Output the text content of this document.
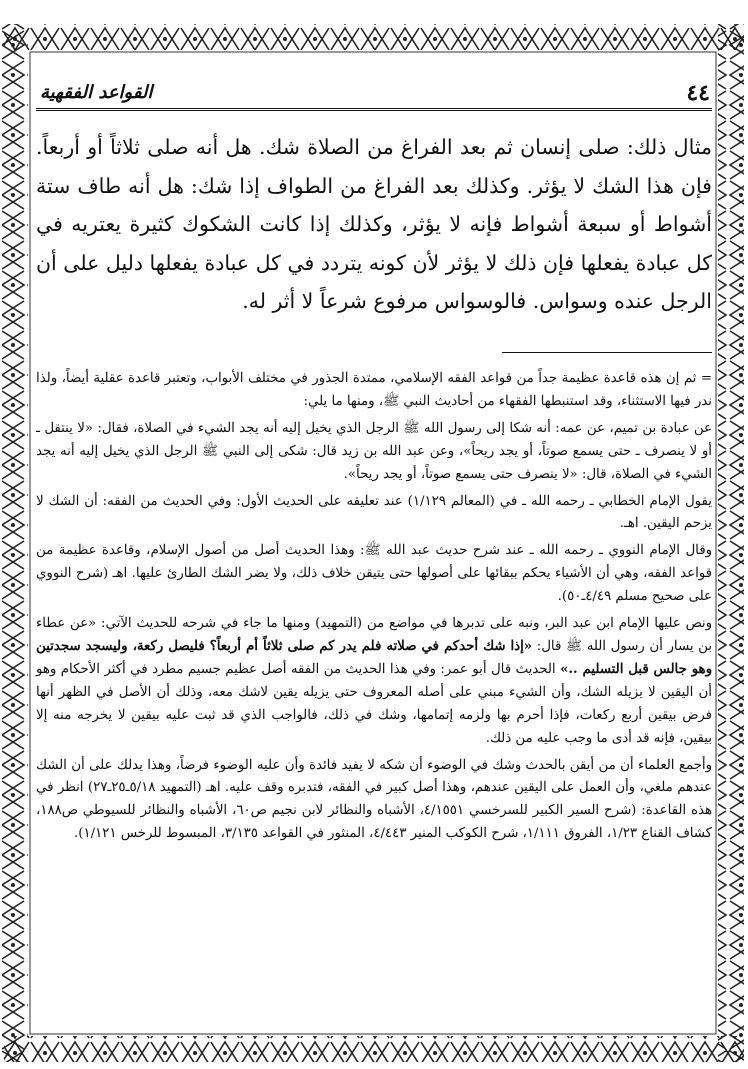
٤٤
القواعد الفقهية

مثال ذلك: صلى إنسان ثم بعد الفراغ من الصلاة شك. هل أنه صلى ثلاثاً أو أربعاً. فإن هذا الشك لا يؤثر. وكذلك بعد الفراغ من الطواف إذا شك: هل أنه طاف ستة أشواط أو سبعة أشواط فإنه لا يؤثر، وكذلك إذا كانت الشكوك كثيرة يعتريه في كل عبادة يفعلها فإن ذلك لا يؤثر لأن كونه يتردد في كل عبادة يفعلها دليل على أن الرجل عنده وسواس. فالوسواس مرفوع شرعاً لا أثر له.

= ثم إن هذه قاعدة عظيمة جداً من قواعد الفقه الإسلامي، ممتدة الجذور في مختلف الأبواب، وتعتبر قاعدة عقلية أيضاً، ولذا ندر فيها الاستثناء، وقد استنبطها الفقهاء من أحاديث النبي ﷺ، ومنها ما يلي:

عن عبادة بن تميم، عن عمه: أنه شكا إلى رسول الله ﷺ الرجل الذي يخيل إليه أنه يجد الشيء في الصلاة، فقال: «لا ينتقل ـ أو لا ينصرف ـ حتى يسمع صوتاً، أو يجد ريحاً»، وعن عبد الله بن زيد قال: شكى إلى النبي ﷺ الرجل الذي يخيل إليه أنه يجد الشيء في الصلاة، قال: «لا ينصرف حتى يسمع صوتاً، أو يجد ريحاً».

يقول الإمام الخطابي ـ رحمه الله ـ في (المعالم ١/١٢٩) عند تعليقه على الحديث الأول: وفي الحديث من الفقه: أن الشك لا يزحم اليقين. اهـ.

وقال الإمام النووي ـ رحمه الله ـ عند شرح حديث عبد الله ﷺ: وهذا الحديث أصل من أصول الإسلام، وقاعدة عظيمة من قواعد الفقه، وهي أن الأشياء يحكم ببقائها على أصولها حتى يتيقن خلاف ذلك، ولا يضر الشك الطارئ عليها. اهـ (شرح النووي على صحيح مسلم ٤/٤٩ـ٥٠).

ونص عليها الإمام ابن عبد البر، ونبه على تدبرها في مواضع من (التمهيد) ومنها ما جاء في شرحه للحديث الآتي: «عن عطاء بن يسار أن رسول الله ﷺ قال: «إذا شك أحدكم في صلاته فلم يدر كم صلى ثلاثاً أم أربعاً؟ فليصل ركعة، وليسجد سجدتين وهو جالس قبل التسليم ..» الحديث قال أبو عمر: وفي هذا الحديث من الفقه أصل عظيم جسيم مطرد في أكثر الأحكام وهو أن اليقين لا يزيله الشك، وأن الشيء مبني على أصله المعروف حتى يزيله يقين لاشك معه، وذلك أن الأصل في الظهر أنها فرض بيقين أربع ركعات، فإذا أحرم بها ولزمه إتمامها، وشك في ذلك، فالواجب الذي قد ثبت عليه بيقين لا يخرجه منه إلا بيقين، فإنه قد أدى ما وجب عليه من ذلك.

وأجمع العلماء أن من أيقن بالحدث وشك في الوضوء أن شكه لا يفيد فائدة وأن عليه الوضوء فرضاً، وهذا يدلك على أن الشك عندهم ملغي، وأن العمل على اليقين عندهم، وهذا أصل كبير في الفقه، فتدبره وقف عليه. اهـ (التمهيد ٥/١٨ـ٢٥ـ٢٧) انظر في هذه القاعدة: (شرح السير الكبير للسرخسي ٤/١٥٥١، الأشباه والنظائر لابن نجيم ص٦٠، الأشباه والنظائر للسيوطي ص١٨٨، كشاف القناع ١/٢٣، الفروق ١/١١١، شرح الكوكب المنير ٤/٤٤٣، المنثور في القواعد ٣/١٣٥، المبسوط للرخس ١/١٢١).
